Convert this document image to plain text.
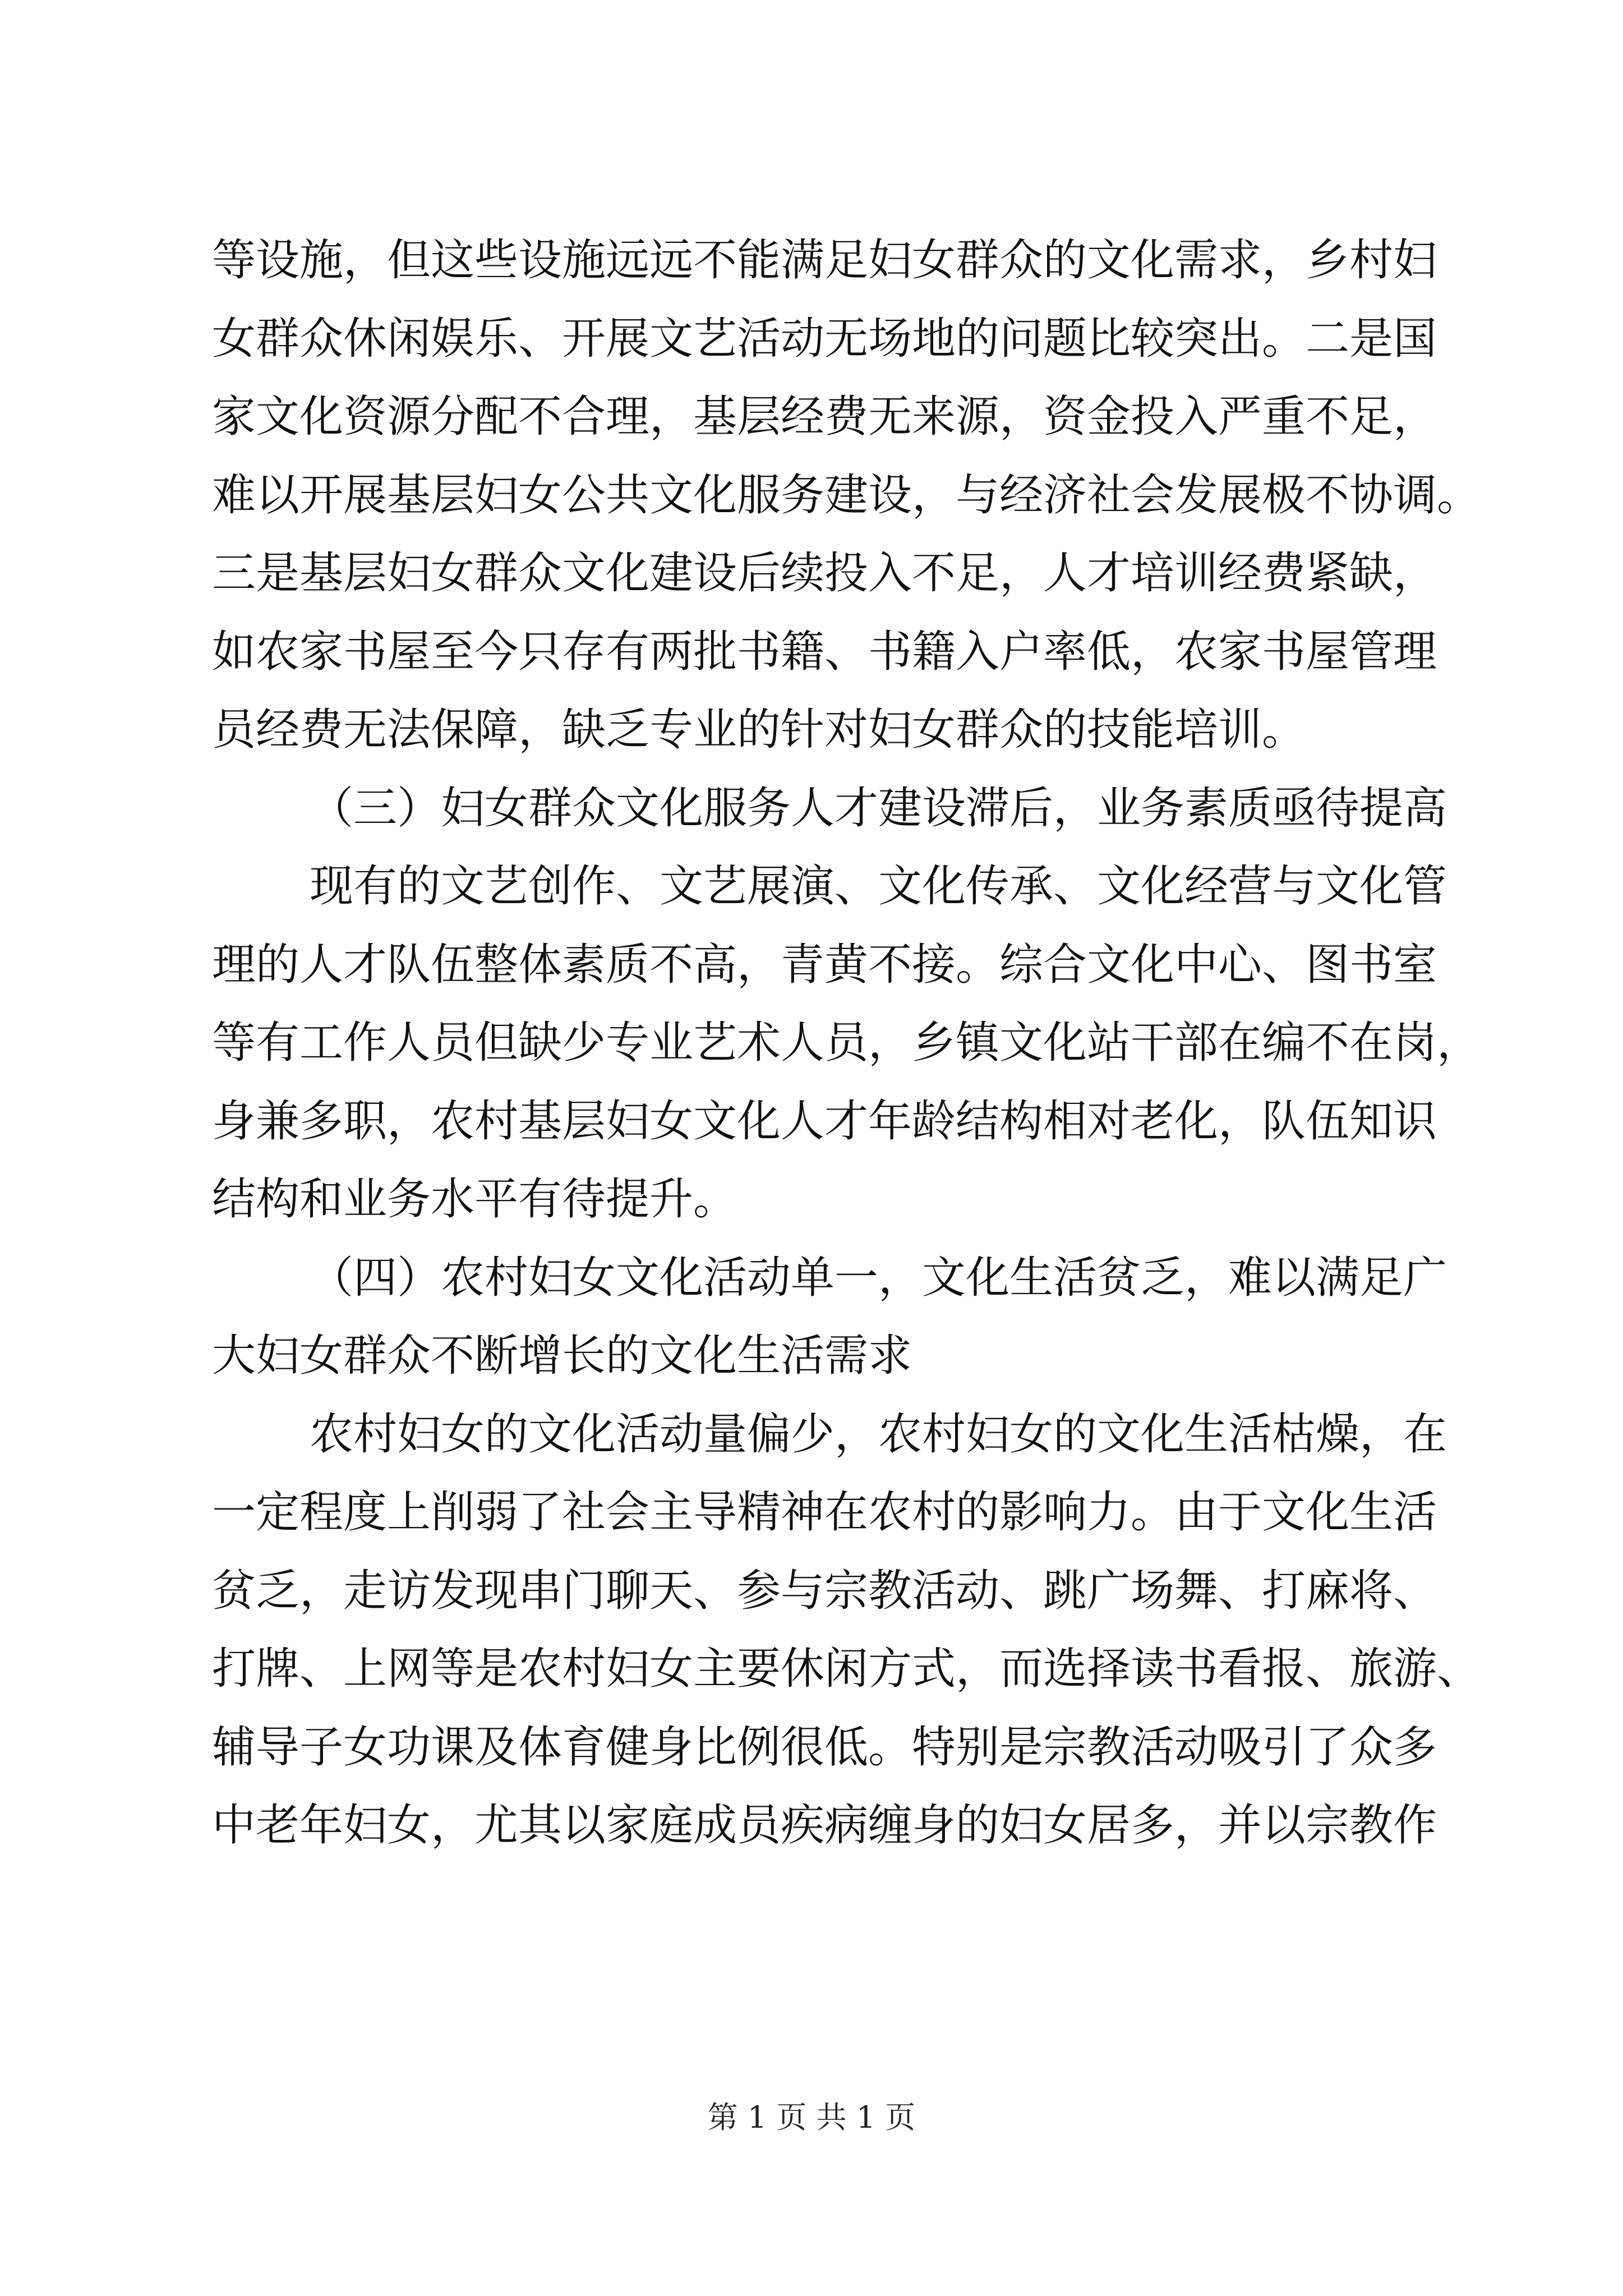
等设施，但这些设施远远不能满足妇女群众的文化需求，乡村妇
女群众休闲娱乐、开展文艺活动无场地的问题比较突出。二是国
家文化资源分配不合理，基层经费无来源，资金投入严重不足，
难以开展基层妇女公共文化服务建设，与经济社会发展极不协调。
三是基层妇女群众文化建设后续投入不足，人才培训经费紧缺，
如农家书屋至今只存有两批书籍、书籍入户率低，农家书屋管理
员经费无法保障，缺乏专业的针对妇女群众的技能培训。
（三）妇女群众文化服务人才建设滞后，业务素质亟待提高
现有的文艺创作、文艺展演、文化传承、文化经营与文化管
理的人才队伍整体素质不高，青黄不接。综合文化中心、图书室
等有工作人员但缺少专业艺术人员，乡镇文化站干部在编不在岗，
身兼多职，农村基层妇女文化人才年龄结构相对老化，队伍知识
结构和业务水平有待提升。
（四）农村妇女文化活动单一，文化生活贫乏，难以满足广
大妇女群众不断增长的文化生活需求
农村妇女的文化活动量偏少，农村妇女的文化生活枯燥，在
一定程度上削弱了社会主导精神在农村的影响力。由于文化生活
贫乏，走访发现串门聊天、参与宗教活动、跳广场舞、打麻将、
打牌、上网等是农村妇女主要休闲方式，而选择读书看报、旅游、
辅导子女功课及体育健身比例很低。特别是宗教活动吸引了众多
中老年妇女，尤其以家庭成员疾病缠身的妇女居多，并以宗教作
第 1 页 共 1 页
